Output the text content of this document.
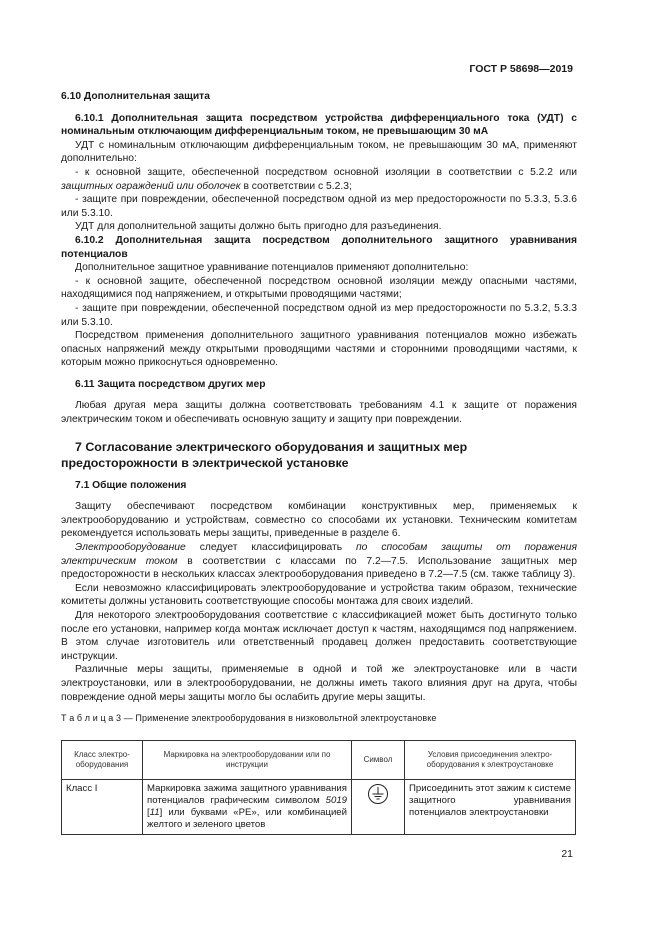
ГОСТ Р 58698—2019

6.10 Дополнительная защита

6.10.1 Дополнительная защита посредством устройства дифференциального тока (УДТ) с номинальным отключающим дифференциальным током, не превышающим 30 мА

УДТ с номинальным отключающим дифференциальным током, не превышающим 30 мА, применяют дополнительно:

- к основной защите, обеспеченной посредством основной изоляции в соответствии с 5.2.2 или защитных ограждений или оболочек в соответствии с 5.2.3;

- защите при повреждении, обеспеченной посредством одной из мер предосторожности по 5.3.3, 5.3.6 или 5.3.10.

УДТ для дополнительной защиты должно быть пригодно для разъединения.

6.10.2 Дополнительная защита посредством дополнительного защитного уравнивания потенциалов

Дополнительное защитное уравнивание потенциалов применяют дополнительно:

- к основной защите, обеспеченной посредством основной изоляции между опасными частями, находящимися под напряжением, и открытыми проводящими частями;

- защите при повреждении, обеспеченной посредством одной из мер предосторожности по 5.3.2, 5.3.3 или 5.3.10.

Посредством применения дополнительного защитного уравнивания потенциалов можно избежать опасных напряжений между открытыми проводящими частями и сторонними проводящими частями, к которым можно прикоснуться одновременно.

6.11 Защита посредством других мер

Любая другая мера защиты должна соответствовать требованиям 4.1 к защите от поражения электрическим током и обеспечивать основную защиту и защиту при повреждении.

7 Согласование электрического оборудования и защитных мер предосторожности в электрической установке

7.1 Общие положения

Защиту обеспечивают посредством комбинации конструктивных мер, применяемых к электрооборудованию и устройствам, совместно со способами их установки. Техническим комитетам рекомендуется использовать меры защиты, приведенные в разделе 6.

Электрооборудование следует классифицировать по способам защиты от поражения электрическим током в соответствии с классами по 7.2—7.5. Использование защитных мер предосторожности в нескольких классах электрооборудования приведено в 7.2—7.5 (см. также таблицу 3).

Если невозможно классифицировать электрооборудование и устройства таким образом, технические комитеты должны установить соответствующие способы монтажа для своих изделий.

Для некоторого электрооборудования соответствие с классификацией может быть достигнуто только после его установки, например когда монтаж исключает доступ к частям, находящимся под напряжением. В этом случае изготовитель или ответственный продавец должен предоставить соответствующие инструкции.

Различные меры защиты, применяемые в одной и той же электроустановке или в части электроустановки, или в электрооборудовании, не должны иметь такого влияния друг на друга, чтобы повреждение одной меры защиты могло бы ослабить другие меры защиты.

Т а б л и ц а 3 — Применение электрооборудования в низковольтной электроустановке

Класс электро-оборудования	Маркировка на электрооборудовании или по инструкции	Символ	Условия присоединения электро-оборудования к электроустановке
Класс I	Маркировка зажима защитного уравнивания потенциалов графическим символом 5019 [11] или буквами «PE», или комбинацией желтого и зеленого цветов		Присоединить этот зажим к системе защитного уравнивания потенциалов электроустановки
21
